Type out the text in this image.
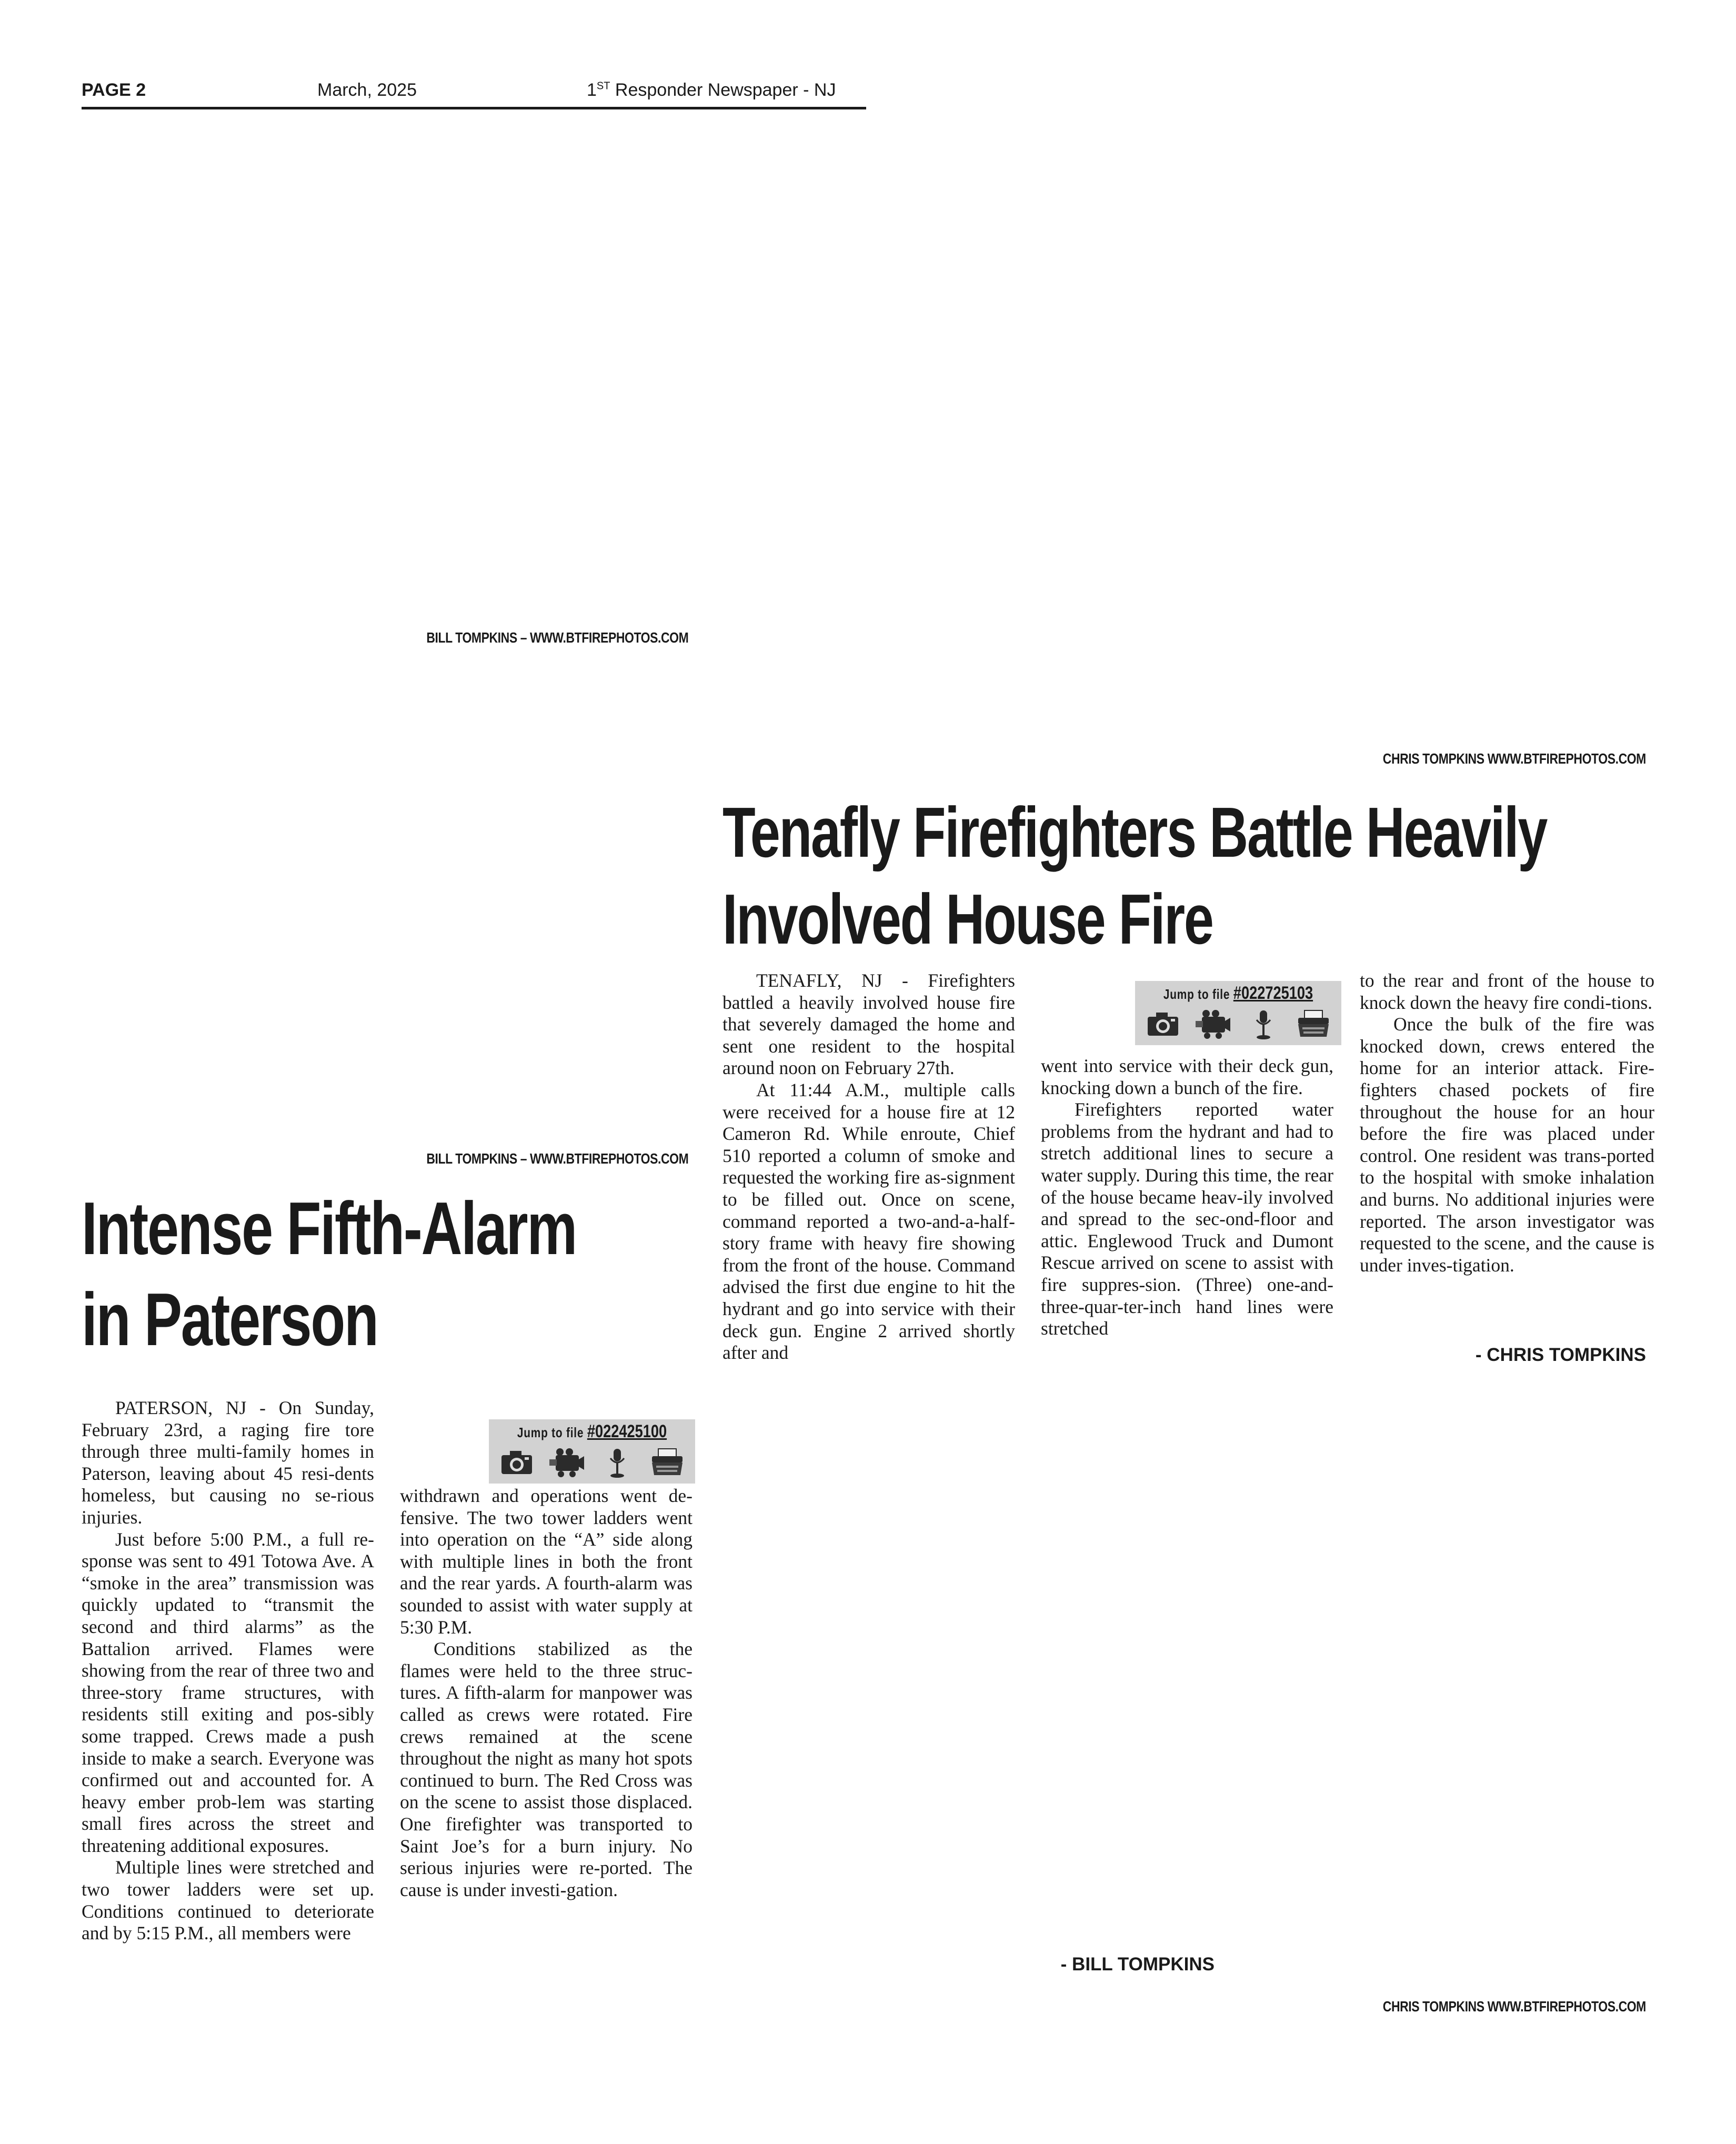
PAGE 2	March, 2025	1ST Responder Newspaper - NJ
BILL TOMPKINS – WWW.BTFIREPHOTOS.COM
CHRIS TOMPKINS WWW.BTFIREPHOTOS.COM
BILL TOMPKINS – WWW.BTFIREPHOTOS.COM
CHRIS TOMPKINS WWW.BTFIREPHOTOS.COM
Tenafly Firefighters Battle Heavily
Involved House Fire

TENAFLY, NJ - Firefighters battled a heavily involved house fire that severely damaged the home and sent one resident to the hospital around noon on February 27th.

At 11:44 A.M., multiple calls were received for a house fire at 12 Cameron Rd. While enroute, Chief 510 reported a column of smoke and requested the working fire as-signment to be filled out. Once on scene, command reported a two-and-a-half-story frame with heavy fire showing from the front of the house. Command advised the first due engine to hit the hydrant and go into service with their deck gun. Engine 2 arrived shortly after and

Jump to file #022725103

went into service with their deck gun, knocking down a bunch of the fire.

Firefighters reported water problems from the hydrant and had to stretch additional lines to secure a water supply. During this time, the rear of the house became heav-ily involved and spread to the sec-ond-floor and attic. Englewood Truck and Dumont Rescue arrived on scene to assist with fire suppres-sion. (Three) one-and-three-quar-ter-inch hand lines were stretched

to the rear and front of the house to knock down the heavy fire condi-tions.

Once the bulk of the fire was knocked down, crews entered the home for an interior attack. Fire-fighters chased pockets of fire throughout the house for an hour before the fire was placed under control. One resident was trans-ported to the hospital with smoke inhalation and burns. No additional injuries were reported. The arson investigator was requested to the scene, and the cause is under inves-tigation.

- CHRIS TOMPKINS
Intense Fifth-Alarm
in Paterson

PATERSON, NJ - On Sunday, February 23rd, a raging fire tore through three multi-family homes in Paterson, leaving about 45 resi-dents homeless, but causing no se-rious injuries.

Just before 5:00 P.M., a full re-sponse was sent to 491 Totowa Ave. A “smoke in the area” transmission was quickly updated to “transmit the second and third alarms” as the Battalion arrived. Flames were showing from the rear of three two and three-story frame structures, with residents still exiting and pos-sibly some trapped. Crews made a push inside to make a search. Everyone was confirmed out and accounted for. A heavy ember prob-lem was starting small fires across the street and threatening additional exposures.

Multiple lines were stretched and two tower ladders were set up. Conditions continued to deteriorate and by 5:15 P.M., all members were

Jump to file #022425100

withdrawn and operations went de-fensive. The two tower ladders went into operation on the “A” side along with multiple lines in both the front and the rear yards. A fourth-alarm was sounded to assist with water supply at 5:30 P.M.

Conditions stabilized as the flames were held to the three struc-tures. A fifth-alarm for manpower was called as crews were rotated. Fire crews remained at the scene throughout the night as many hot spots continued to burn. The Red Cross was on the scene to assist those displaced. One firefighter was transported to Saint Joe’s for a burn injury. No serious injuries were re-ported. The cause is under investi-gation.

- BILL TOMPKINS
